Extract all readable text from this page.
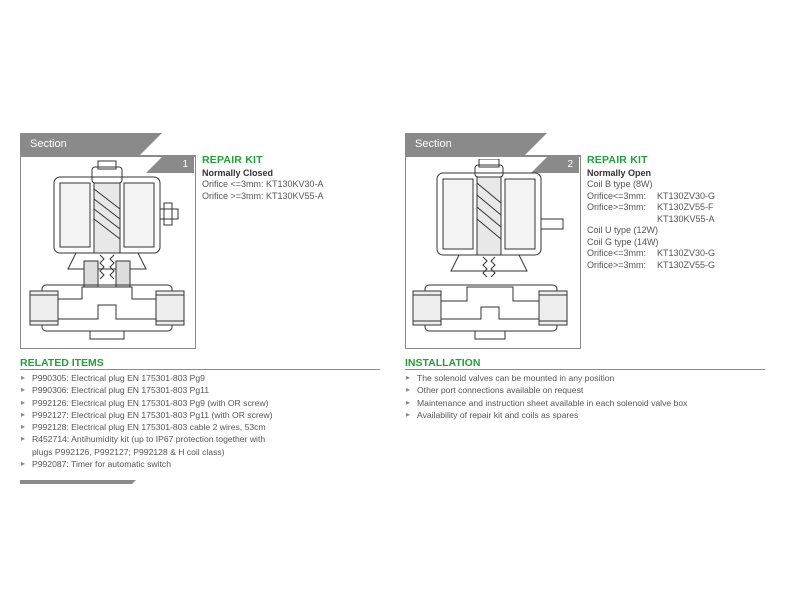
Section
1	REPAIR KIT
Normally Closed
Orifice <=3mm: KT130KV30-A
Orifice >=3mm: KT130KV55-A
Section
2	REPAIR KIT
Normally Open
Coil B type (8W)
Orifice<=3mm: KT130ZV30-G
Orifice>=3mm: KT130ZV55-F
KT130KV55-A
Coil U type (12W)
Coil G type (14W)
Orifice<=3mm: KT130ZV30-G
Orifice>=3mm: KT130ZV55-G
RELATED ITEMS
▸ P990305: Electrical plug EN 175301-803 Pg9
▸ P990306: Electrical plug EN 175301-803 Pg11
▸ P992126: Electrical plug EN 175301-803 Pg9 (with OR screw)
▸ P992127: Electrical plug EN 175301-803 Pg11 (with OR screw)
▸ P992128: Electrical plug EN 175301-803 cable 2 wires, 53cm
▸ R452714: Antihumidity kit (up to IP67 protection together with
plugs P992126, P992127; P992128 & H coil class)
▸ P992087: Timer for automatic switch
INSTALLATION
▸ The solenoid valves can be mounted in any position
▸ Other port connections available on request
▸ Maintenance and instruction sheet available in each solenoid valve box
▸ Availability of repair kit and coils as spares
